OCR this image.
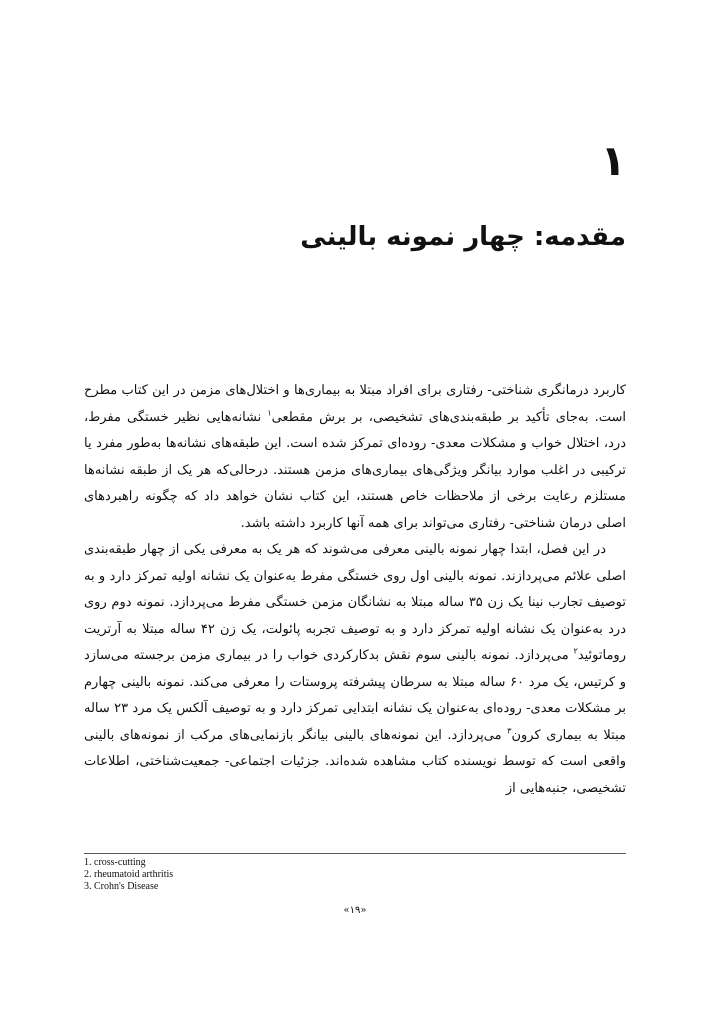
۱
مقدمه: چهار نمونه بالینی

کاربرد درمانگری شناختی- رفتاری برای افراد مبتلا به بیماری‌ها و اختلال‌های مزمن در این کتاب مطرح است. به‌جای تأکید بر طبقه‌بندی‌های تشخیصی، بر برش مقطعی$^۱$ نشانه‌هایی نظیر خستگی مفرط، درد، اختلال خواب و مشکلات معدی- روده‌ای تمرکز شده است. این طبقه‌های نشانه‌ها به‌طور مفرد یا ترکیبی در اغلب موارد بیانگر ویژگی‌های بیماری‌های مزمن هستند. درحالی‌که هر یک از طبقه نشانه‌ها مستلزم رعایت برخی از ملاحظات خاص هستند، این کتاب نشان خواهد داد که چگونه راهبردهای اصلی درمان شناختی- رفتاری می‌تواند برای همه آنها کاربرد داشته باشد.

در این فصل، ابتدا چهار نمونه بالینی معرفی می‌شوند که هر یک به معرفی یکی از چهار طبقه‌بندی اصلی علائم می‌پردازند. نمونه بالینی اول روی خستگی مفرط به‌عنوان یک نشانه اولیه تمرکز دارد و به توصیف تجارب نینا یک زن ۳۵ ساله مبتلا به نشانگان مزمن خستگی مفرط می‌پردازد. نمونه دوم روی درد به‌عنوان یک نشانه اولیه تمرکز دارد و به توصیف تجربه پائولت، یک زن ۴۲ ساله مبتلا به آرتریت روماتوئید$^۲$ می‌پردازد. نمونه بالینی سوم نقش بدکارکردی خواب را در بیماری مزمن برجسته می‌سازد و کرتیس، یک مرد ۶۰ ساله مبتلا به سرطان پیشرفته پروستات را معرفی می‌کند. نمونه بالینی چهارم بر مشکلات معدی- روده‌ای به‌عنوان یک نشانه ابتدایی تمرکز دارد و به توصیف آلکس یک مرد ۲۳ ساله مبتلا به بیماری کرون$^۳$ می‌پردازد. این نمونه‌های بالینی بیانگر بازنمایی‌های مرکب از نمونه‌های بالینی واقعی است که توسط نویسنده کتاب مشاهده شده‌اند. جزئیات اجتماعی- جمعیت‌شناختی، اطلاعات تشخیصی، جنبه‌هایی از

1. cross-cutting
2. rheumatoid arthritis
3. Crohn's Disease
«۱۹»
